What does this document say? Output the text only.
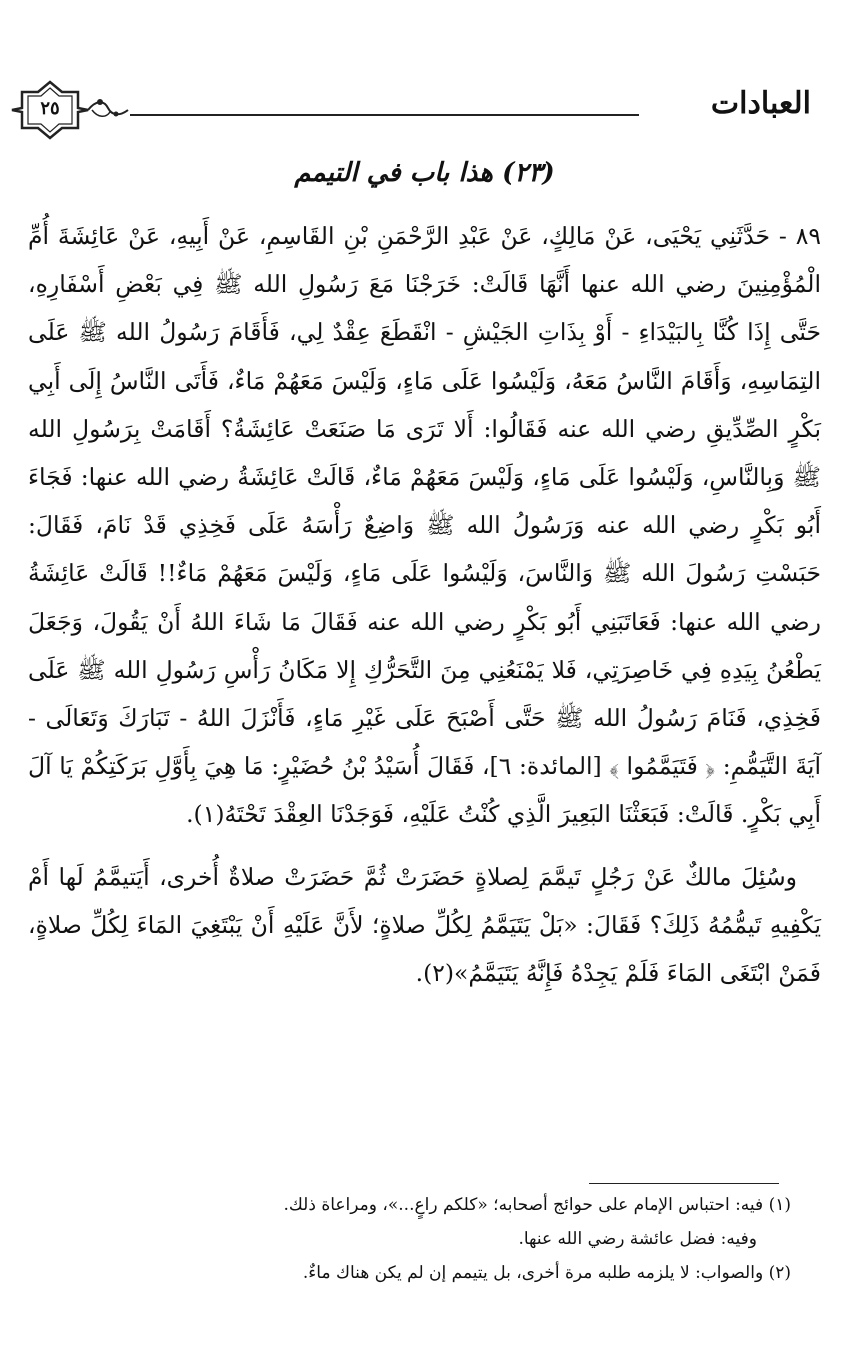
العبادات
٢٥
(٢٣) هذا باب في التيمم

٨٩ - حَدَّثَنِي يَحْيَى، عَنْ مَالِكٍ، عَنْ عَبْدِ الرَّحْمَنِ بْنِ القَاسِمِ، عَنْ أَبِيهِ، عَنْ عَائِشَةَ أُمِّ الْمُؤْمِنِينَ رضي الله عنها أَنَّهَا قَالَتْ: خَرَجْنَا مَعَ رَسُولِ الله ﷺ فِي بَعْضِ أَسْفَارِهِ، حَتَّى إِذَا كُنَّا بِالبَيْدَاءِ - أَوْ بِذَاتِ الجَيْشِ - انْقَطَعَ عِقْدٌ لِي، فَأَقَامَ رَسُولُ الله ﷺ عَلَى التِمَاسِهِ، وَأَقَامَ النَّاسُ مَعَهُ، وَلَيْسُوا عَلَى مَاءٍ، وَلَيْسَ مَعَهُمْ مَاءٌ، فَأَتَى النَّاسُ إِلَى أَبِي بَكْرٍ الصِّدِّيقِ رضي الله عنه فَقَالُوا: أَلا تَرَى مَا صَنَعَتْ عَائِشَةُ؟ أَقَامَتْ بِرَسُولِ الله ﷺ وَبِالنَّاسِ، وَلَيْسُوا عَلَى مَاءٍ، وَلَيْسَ مَعَهُمْ مَاءٌ، قَالَتْ عَائِشَةُ رضي الله عنها: فَجَاءَ أَبُو بَكْرٍ رضي الله عنه وَرَسُولُ الله ﷺ وَاضِعٌ رَأْسَهُ عَلَى فَخِذِي قَدْ نَامَ، فَقَالَ: حَبَسْتِ رَسُولَ الله ﷺ وَالنَّاسَ، وَلَيْسُوا عَلَى مَاءٍ، وَلَيْسَ مَعَهُمْ مَاءٌ!! قَالَتْ عَائِشَةُ رضي الله عنها: فَعَاتَبَنِي أَبُو بَكْرٍ رضي الله عنه فَقَالَ مَا شَاءَ اللهُ أَنْ يَقُولَ، وَجَعَلَ يَطْعُنُ بِيَدِهِ فِي خَاصِرَتِي، فَلا يَمْنَعُنِي مِنَ التَّحَرُّكِ إِلا مَكَانُ رَأْسِ رَسُولِ الله ﷺ عَلَى فَخِذِي، فَنَامَ رَسُولُ الله ﷺ حَتَّى أَصْبَحَ عَلَى غَيْرِ مَاءٍ، فَأَنْزَلَ اللهُ - تَبَارَكَ وَتَعَالَى - آيَةَ التَّيَمُّمِ: ﴿ فَتَيَمَّمُوا ﴾ [المائدة: ٦]، فَقَالَ أُسَيْدُ بْنُ حُضَيْرٍ: مَا هِيَ بِأَوَّلِ بَرَكَتِكُمْ يَا آلَ أَبِي بَكْرٍ. قَالَتْ: فَبَعَثْنَا البَعِيرَ الَّذِي كُنْتُ عَلَيْهِ، فَوَجَدْنَا العِقْدَ تَحْتَهُ(١).

وسُئِلَ مالكٌ عَنْ رَجُلٍ تَيمَّمَ لِصلاةٍ حَضَرَتْ ثُمَّ حَضَرَتْ صلاةٌ أُخرى، أَيَتيمَّمُ لَها أَمْ يَكْفِيهِ تَيمُّمُهُ ذَلِكَ؟ فَقَالَ: «بَلْ يَتَيَمَّمُ لِكُلِّ صلاةٍ؛ لأَنَّ عَلَيْهِ أَنْ يَبْتَغِيَ المَاءَ لِكُلِّ صلاةٍ، فَمَنْ ابْتَغَى المَاءَ فَلَمْ يَجِدْهُ فَإِنَّهُ يَتَيَمَّمُ»(٢).

(١) فيه: احتباس الإمام على حوائج أصحابه؛ «كلكم راعٍ...»، ومراعاة ذلك.

وفيه: فضل عائشة رضي الله عنها.

(٢) والصواب: لا يلزمه طلبه مرة أخرى، بل يتيمم إن لم يكن هناك ماءٌ.
